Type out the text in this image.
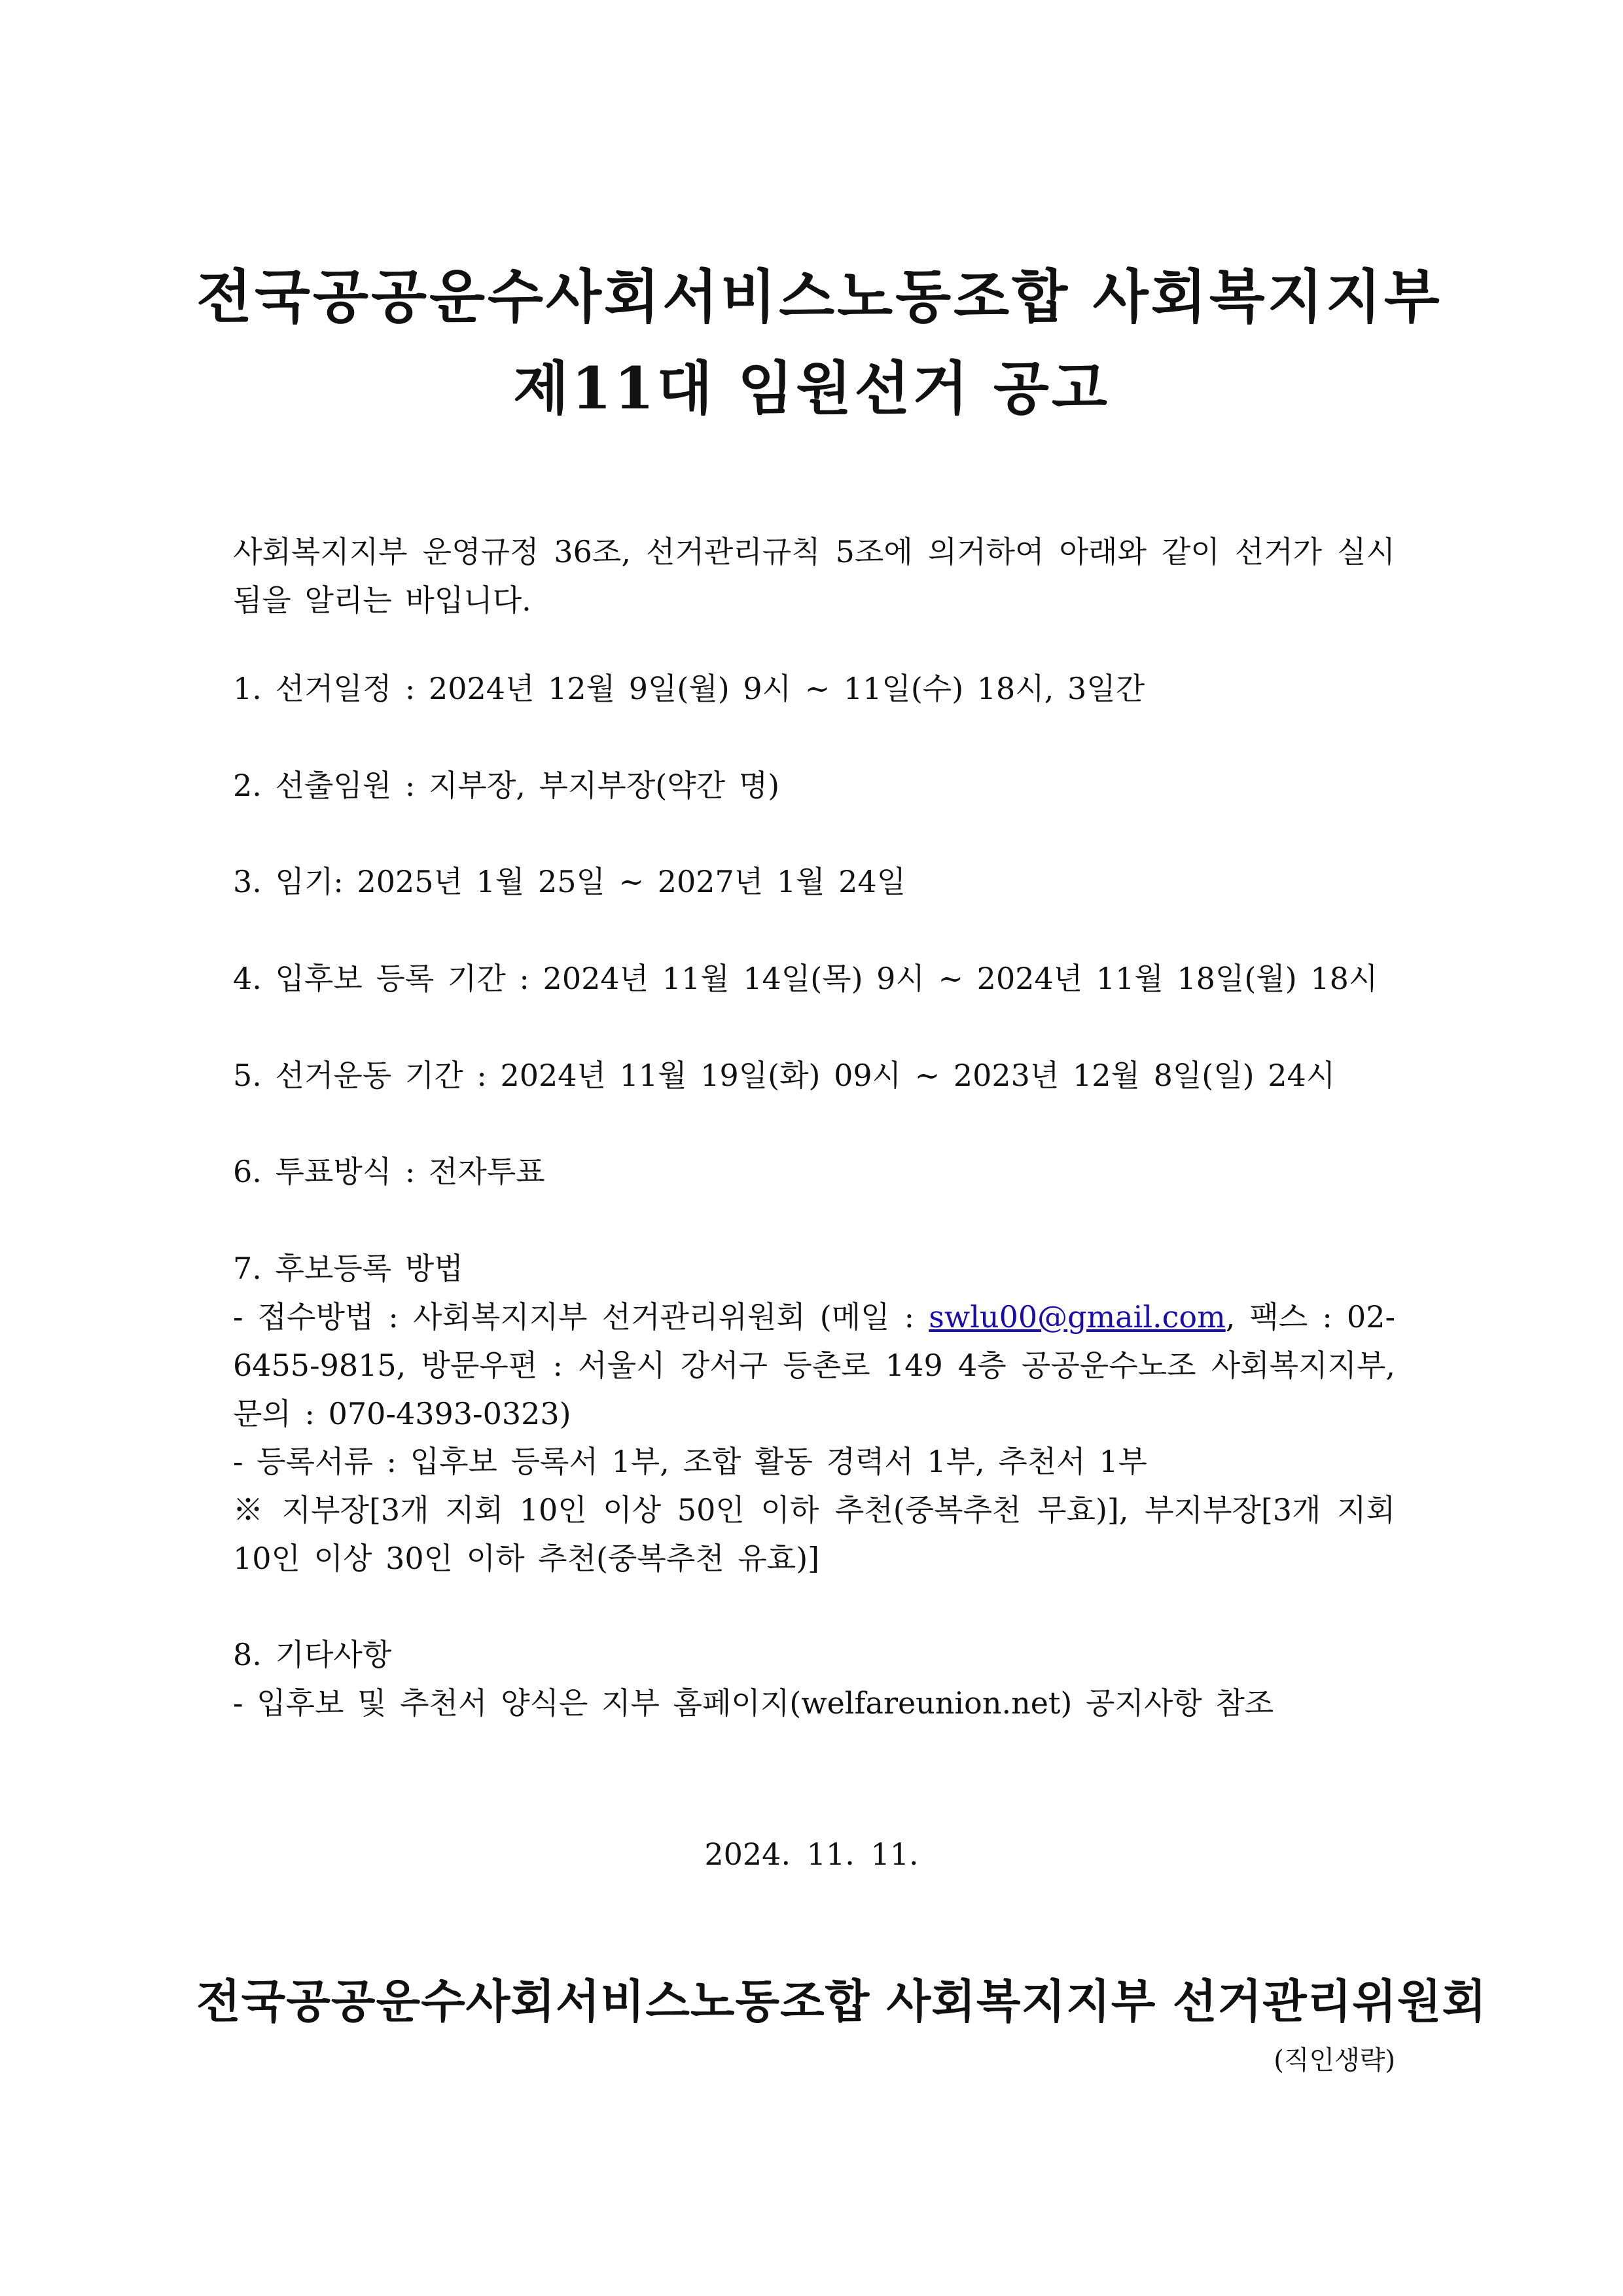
전국공공운수사회서비스노동조합 사회복지지부
제11대 임원선거 공고
사회복지지부 운영규정 36조, 선거관리규칙 5조에 의거하여 아래와 같이 선거가 실시됨을 알리는 바입니다.
1. 선거일정 : 2024년 12월 9일(월) 9시 ~ 11일(수) 18시, 3일간
2. 선출임원 : 지부장, 부지부장(약간 명)
3. 임기: 2025년 1월 25일 ~ 2027년 1월 24일
4. 입후보 등록 기간 : 2024년 11월 14일(목) 9시 ~ 2024년 11월 18일(월) 18시
5. 선거운동 기간 : 2024년 11월 19일(화) 09시 ~ 2023년 12월 8일(일) 24시
6. 투표방식 : 전자투표
7. 후보등록 방법
- 접수방법 : 사회복지지부 선거관리위원회 (메일 : swlu00@gmail.com, 팩스 : 02-6455-9815, 방문우편 : 서울시 강서구 등촌로 149 4층 공공운수노조 사회복지지부, 문의 : 070-4393-0323)
- 등록서류 : 입후보 등록서 1부, 조합 활동 경력서 1부, 추천서 1부
※ 지부장[3개 지회 10인 이상 50인 이하 추천(중복추천 무효)], 부지부장[3개 지회 10인 이상 30인 이하 추천(중복추천 유효)]
8. 기타사항
- 입후보 및 추천서 양식은 지부 홈페이지(welfareunion.net) 공지사항 참조
2024. 11. 11.
전국공공운수사회서비스노동조합 사회복지지부 선거관리위원회
(직인생략)
